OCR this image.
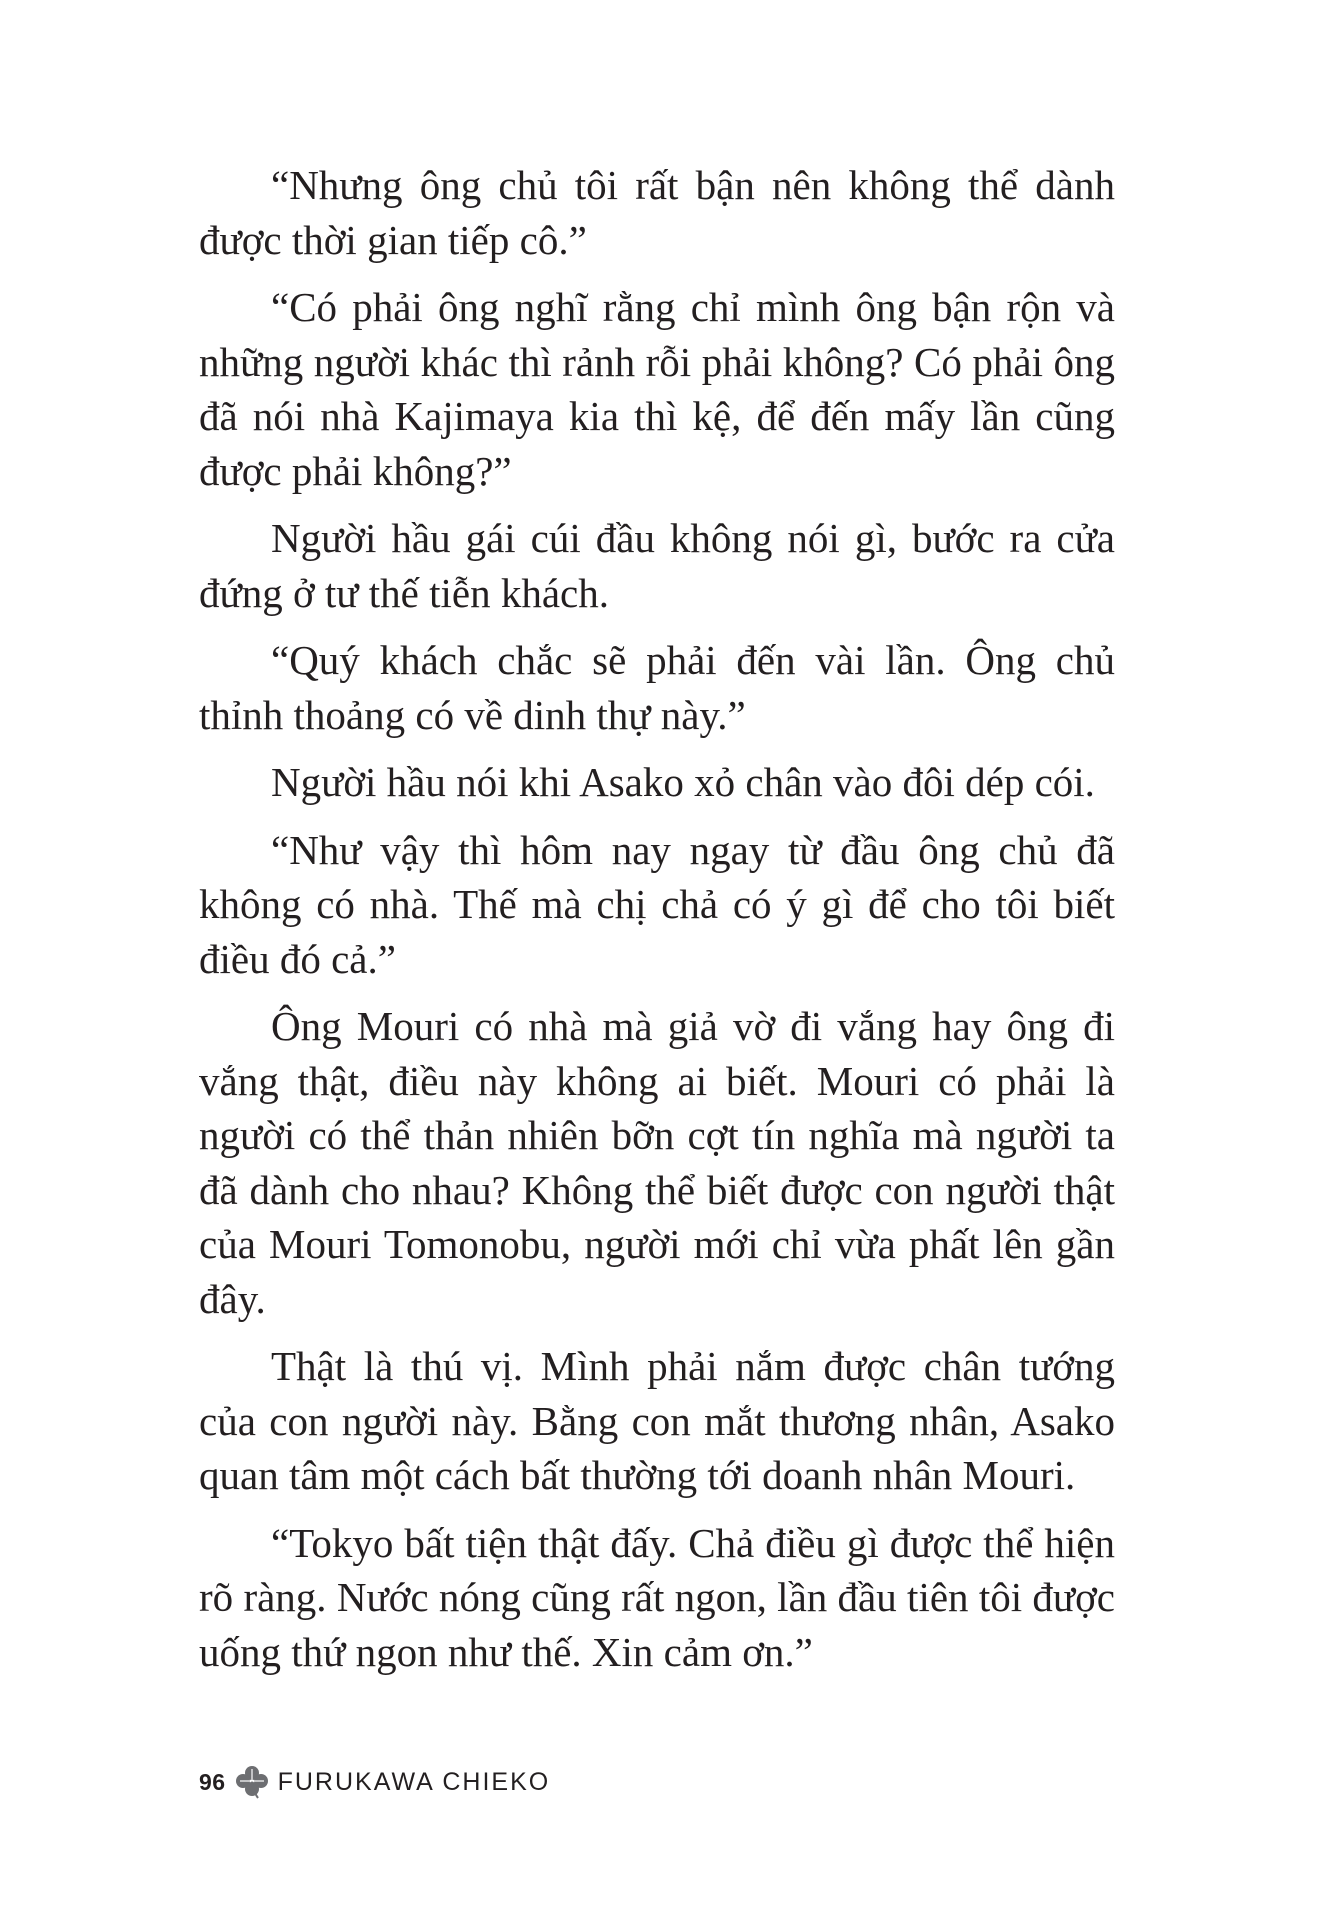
“Nhưng ông chủ tôi rất bận nên không thể dành được thời gian tiếp cô.”

“Có phải ông nghĩ rằng chỉ mình ông bận rộn và những người khác thì rảnh rỗi phải không? Có phải ông đã nói nhà Kajimaya kia thì kệ, để đến mấy lần cũng được phải không?”

Người hầu gái cúi đầu không nói gì, bước ra cửa đứng ở tư thế tiễn khách.

“Quý khách chắc sẽ phải đến vài lần. Ông chủ thỉnh thoảng có về dinh thự này.”

Người hầu nói khi Asako xỏ chân vào đôi dép cói.

“Như vậy thì hôm nay ngay từ đầu ông chủ đã không có nhà. Thế mà chị chả có ý gì để cho tôi biết điều đó cả.”

Ông Mouri có nhà mà giả vờ đi vắng hay ông đi vắng thật, điều này không ai biết. Mouri có phải là người có thể thản nhiên bỡn cợt tín nghĩa mà người ta đã dành cho nhau? Không thể biết được con người thật của Mouri Tomonobu, người mới chỉ vừa phất lên gần đây.

Thật là thú vị. Mình phải nắm được chân tướng của con người này. Bằng con mắt thương nhân, Asako quan tâm một cách bất thường tới doanh nhân Mouri.

“Tokyo bất tiện thật đấy. Chả điều gì được thể hiện rõ ràng. Nước nóng cũng rất ngon, lần đầu tiên tôi được uống thứ ngon như thế. Xin cảm ơn.”

96 FURUKAWA CHIEKO
